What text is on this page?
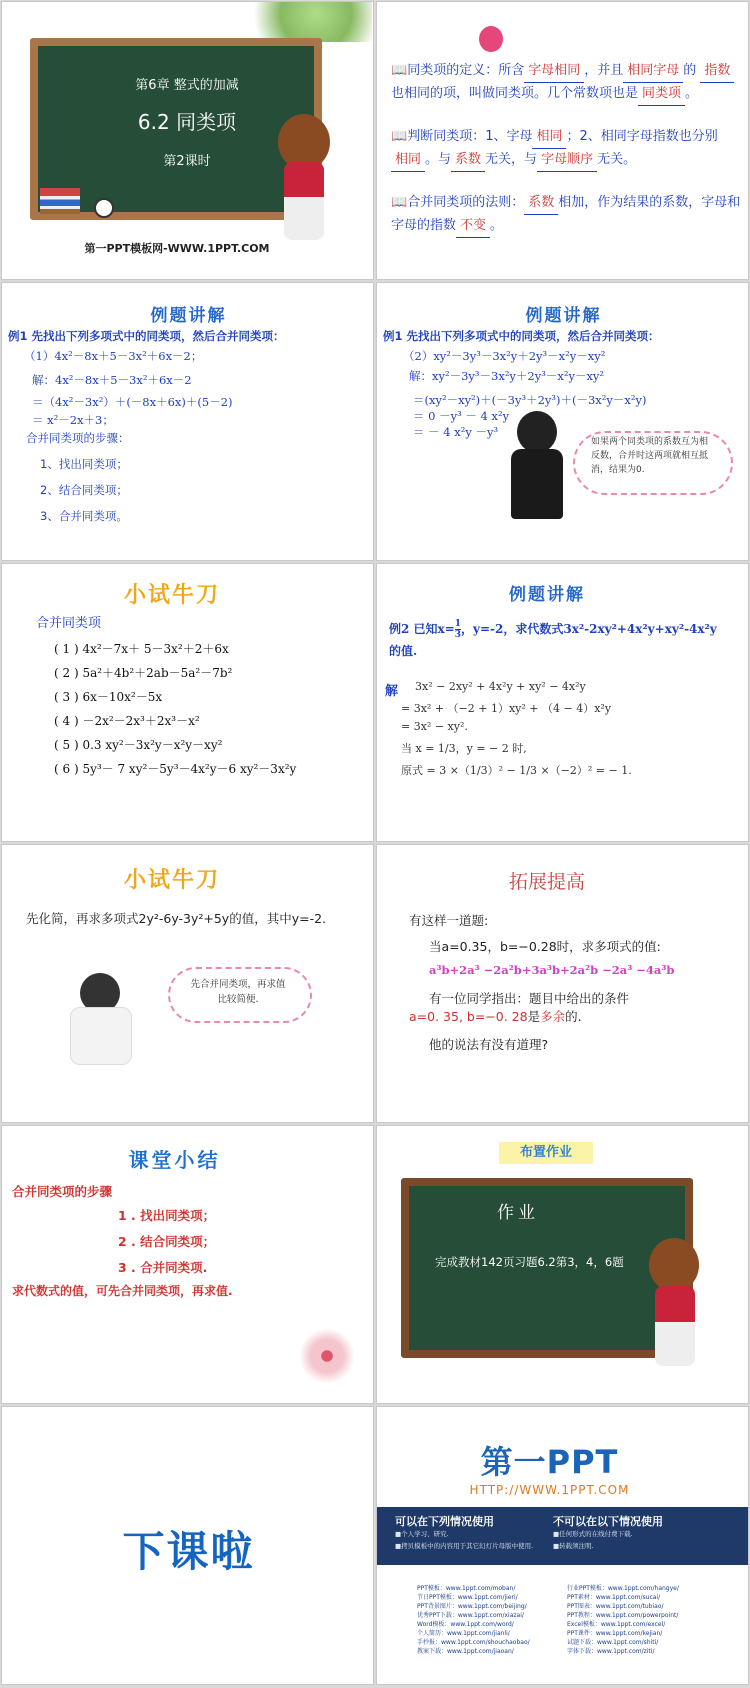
第6章 整式的加减
6.2 同类项
第2课时
第一PPT模板网-WWW.1PPT.COM
📖同类项的定义：所含 字母相同 ，并且 相同字母 的 指数也相同的项，叫做同类项。几个常数项也是 同类项 。
📖判断同类项：1、字母 相同 ；2、相同字母指数也分别相同 。与 系数 无关，与 字母顺序 无关。
📖合并同类项的法则： 系数 相加，作为结果的系数，字母和字母的指数 不变 。
例题讲解
例1 先找出下列多项式中的同类项，然后合并同类项：
（1）4x²－8x＋5－3x²＋6x－2；
解：4x²－8x＋5－3x²＋6x－2
＝（4x²－3x²）＋(－8x＋6x)＋(5－2)
＝ x²－2x＋3；
合并同类项的步骤：
1、找出同类项；
2、结合同类项；
3、合并同类项。
例题讲解
例1 先找出下列多项式中的同类项，然后合并同类项：
（2）xy²－3y³－3x²y＋2y³－x²y－xy²
解：xy²－3y³－3x²y＋2y³－x²y－xy²
＝(xy²－xy²)＋(－3y³＋2y³)＋(－3x²y－x²y)
＝ 0 －y³ － 4 x²y
＝ － 4 x²y －y³
如果两个同类项的系数互为相反数，合并时这两项就相互抵消，结果为0.
小试牛刀
合并同类项
( 1 ) 4x²－7x＋ 5－3x²＋2＋6x
( 2 ) 5a²＋4b²＋2ab－5a²－7b²
( 3 ) 6x－10x²－5x
( 4 ) －2x²－2x³＋2x³－x²
( 5 ) 0.3 xy²－3x²y－x²y－xy²
( 6 ) 5y³－ 7 xy²－5y³－4x²y－6 xy²－3x²y
例题讲解
例2 已知$x= \frac{1}{3}$ ，y=-2，求代数式3x²-2xy²+4x²y+xy²-4x²y
的值.
解 3x² − 2xy² + 4x²y + xy² − 4x²y
= 3x² + （−2 + 1）xy² + （4 − 4）x²y
= 3x² − xy².
当 x = 1/3，y = − 2 时,
原式 = 3 ×（1/3）² − 1/3 ×（−2）² = − 1.
小试牛刀
先化简，再求多项式2y²-6y-3y²+5y的值，其中y=-2.
先合并同类项，再求值比较简便.
拓展提高
有这样一道题:
当a=0.35，b=−0.28时，求多项式的值:
a³b+2a³ −2a²b+3a³b+2a²b −2a³ −4a³b
有一位同学指出：题目中给出的条件
a=0. 35, b=−0. 28是多余的.
他的说法有没有道理?
课堂小结
合并同类项的步骤
1 . 找出同类项；
2 . 结合同类项；
3 . 合并同类项.
求代数式的值，可先合并同类项，再求值.
布置作业
作业
完成教材142页习题6.2第3，4，6题
下课啦
第一PPT
HTTP://WWW.1PPT.COM
可以在下列情况使用
■个人学习、研究.
■拷贝模板中的内容用于其它幻灯片母版中使用.
不可以在以下情况使用
■任何形式的在线付费下载.
■转载须注明.
PPT模板：www.1ppt.com/moban/
节日PPT模板：www.1ppt.com/jieri/
PPT背景图片：www.1ppt.com/beijing/
优秀PPT下载：www.1ppt.com/xiazai/
Word模板：www.1ppt.com/word/
个人简历：www.1ppt.com/jianli/
手抄报：www.1ppt.com/shouchaobao/
教案下载：www.1ppt.com/jiaoan/
行业PPT模板：www.1ppt.com/hangye/
PPT素材：www.1ppt.com/sucai/
PPT图表：www.1ppt.com/tubiao/
PPT教程：www.1ppt.com/powerpoint/
Excel模板：www.1ppt.com/excel/
PPT课件：www.1ppt.com/kejian/
试题下载：www.1ppt.com/shiti/
字体下载：www.1ppt.com/ziti/
